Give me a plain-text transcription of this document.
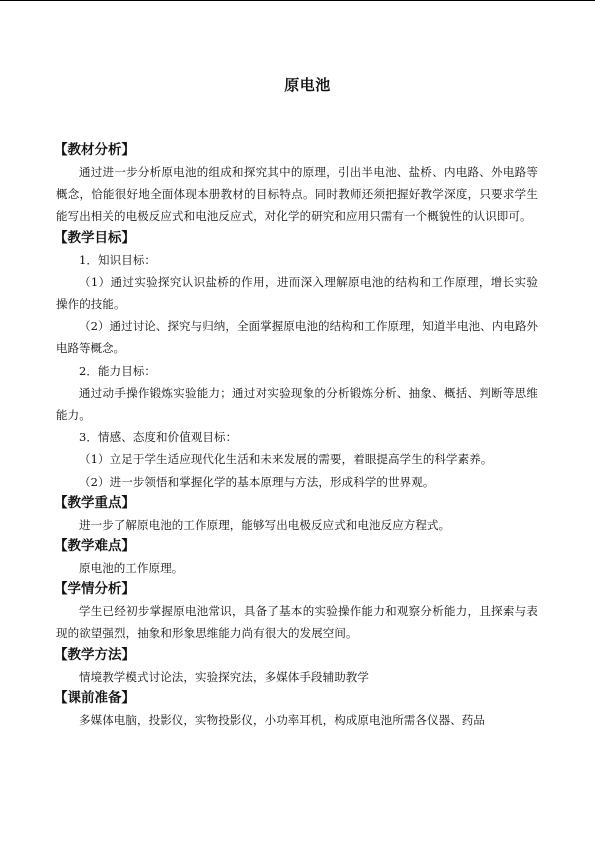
原电池
【教材分析】
通过进一步分析原电池的组成和探究其中的原理，引出半电池、盐桥、内电路、外电路等概念，恰能很好地全面体现本册教材的目标特点。同时教师还须把握好教学深度，只要求学生能写出相关的电极反应式和电池反应式，对化学的研究和应用只需有一个概貌性的认识即可。
【教学目标】
1．知识目标：
（1）通过实验探究认识盐桥的作用，进而深入理解原电池的结构和工作原理，增长实验操作的技能。
（2）通过讨论、探究与归纳，全面掌握原电池的结构和工作原理，知道半电池、内电路外电路等概念。
2．能力目标：
通过动手操作锻炼实验能力；通过对实验现象的分析锻炼分析、抽象、概括、判断等思维能力。
3．情感、态度和价值观目标：
（1）立足于学生适应现代化生活和未来发展的需要，着眼提高学生的科学素养。
（2）进一步领悟和掌握化学的基本原理与方法，形成科学的世界观。
【教学重点】
进一步了解原电池的工作原理，能够写出电极反应式和电池反应方程式。
【教学难点】
原电池的工作原理。
【学情分析】
学生已经初步掌握原电池常识，具备了基本的实验操作能力和观察分析能力，且探索与表现的欲望强烈，抽象和形象思维能力尚有很大的发展空间。
【教学方法】
情境教学模式讨论法，实验探究法，多媒体手段辅助教学
【课前准备】
多媒体电脑，投影仪，实物投影仪，小功率耳机，构成原电池所需各仪器、药品
